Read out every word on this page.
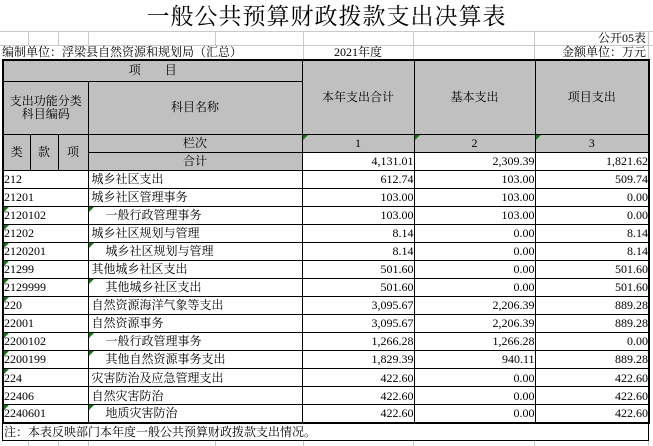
一般公共预算财政拨款支出决算表
公开05表
编制单位：浮梁县自然资源和规划局（汇总）	2021年度	金额单位：万元
项　　目				本年支出合计	基本支出	项目支出
支出功能分类
科目编码			科目名称			
类	款	项	栏次	1	2	3
			合计	4,131.01	2,309.39	1,821.62
212			城乡社区支出	612.74	103.00	509.74
21201			城乡社区管理事务	103.00	103.00	0.00

2120102			一般行政管理事务	103.00	103.00	0.00

21202			城乡社区规划与管理	8.14	0.00	8.14

2120201			城乡社区规划与管理	8.14	0.00	8.14

21299			其他城乡社区支出	501.60	0.00	501.60

2129999			其他城乡社区支出	501.60	0.00	501.60

220			自然资源海洋气象等支出	3,095.67	2,206.39	889.28
22001			自然资源事务	3,095.67	2,206.39	889.28

2200102			一般行政管理事务	1,266.28	1,266.28	0.00

2200199			其他自然资源事务支出	1,829.39	940.11	889.28

224			灾害防治及应急管理支出	422.60	0.00	422.60
22406			自然灾害防治	422.60	0.00	422.60

2240601			地质灾害防治	422.60	0.00	422.60
注：本表反映部门本年度一般公共预算财政拨款支出情况。
